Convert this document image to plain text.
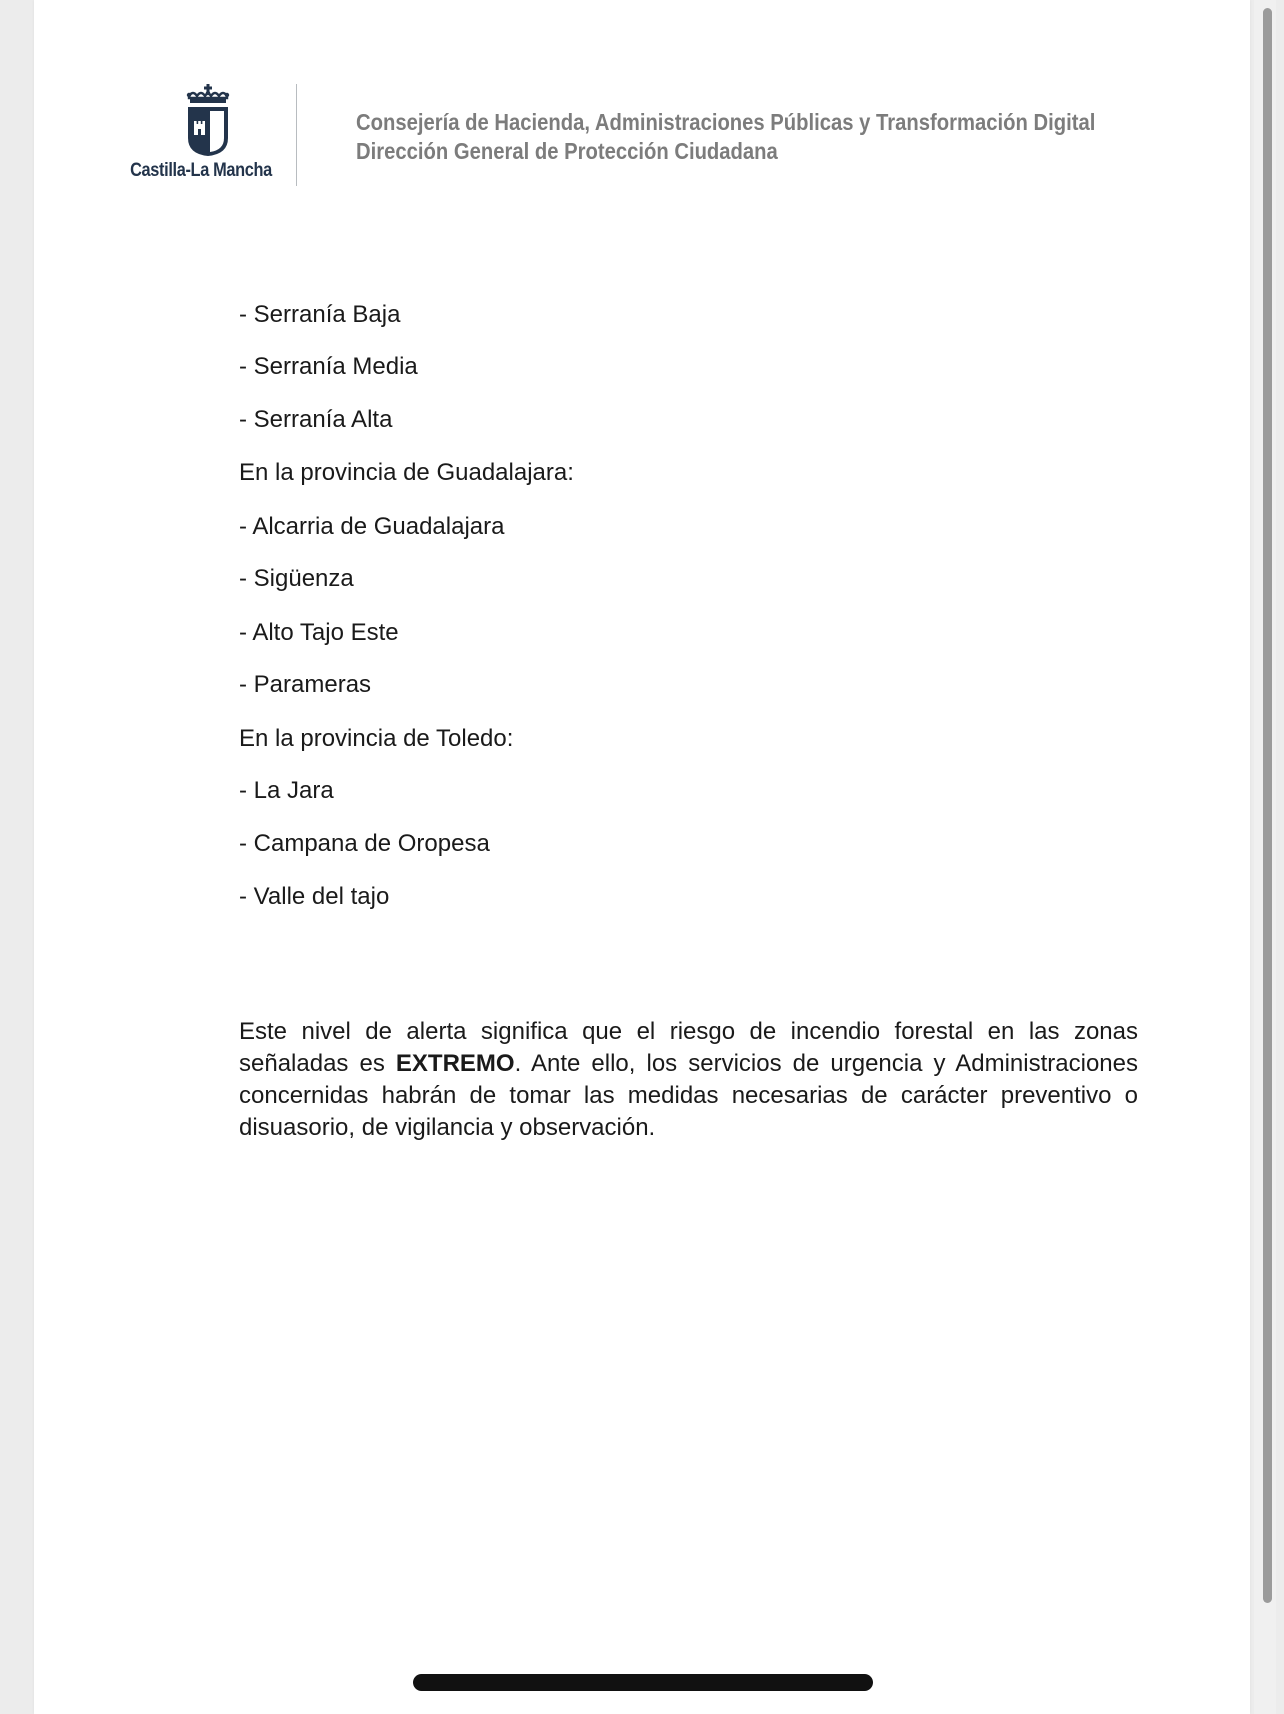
Castilla-La Mancha
Consejería de Hacienda, Administraciones Públicas y Transformación Digital
Dirección General de Protección Ciudadana
- Serranía Baja
- Serranía Media
- Serranía Alta
En la provincia de Guadalajara:
- Alcarria de Guadalajara
- Sigüenza
- Alto Tajo Este
- Parameras
En la provincia de Toledo:
- La Jara
- Campana de Oropesa
- Valle del tajo
Este nivel de alerta significa que el riesgo de incendio forestal en las zonas señaladas es EXTREMO. Ante ello, los servicios de urgencia y Administraciones concernidas habrán de tomar las medidas necesarias de carácter preventivo o disuasorio, de vigilancia y observación.
